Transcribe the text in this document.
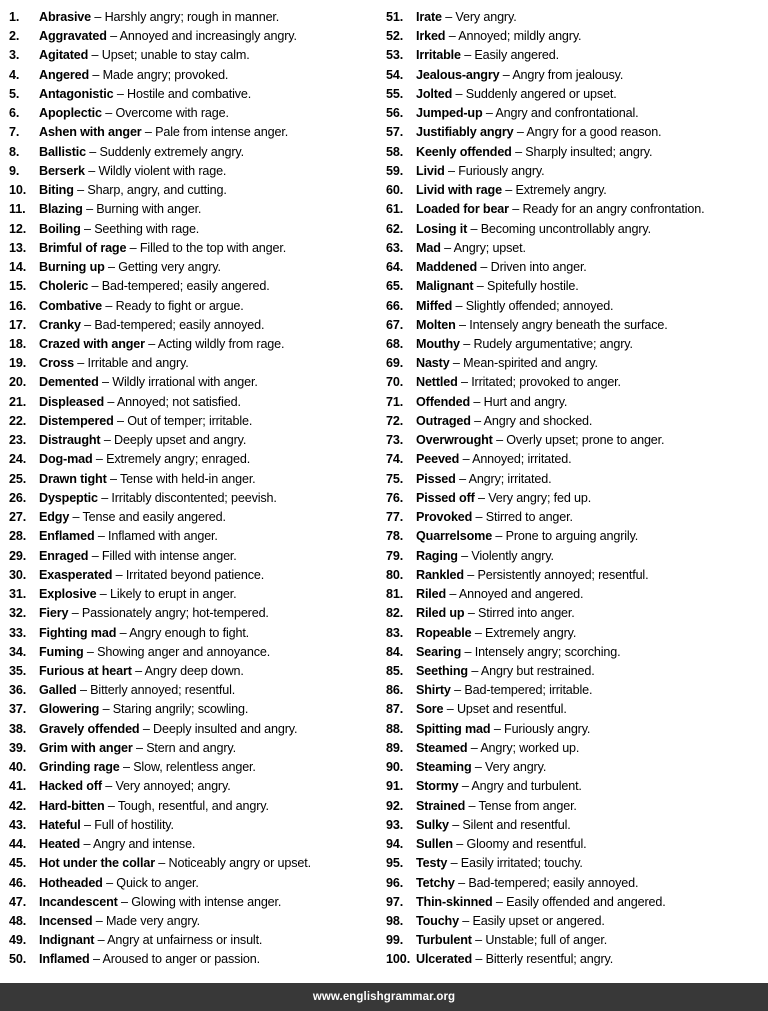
1.	Abrasive – Harshly angry; rough in manner.
2.	Aggravated – Annoyed and increasingly angry.
3.	Agitated – Upset; unable to stay calm.
4.	Angered – Made angry; provoked.
5.	Antagonistic – Hostile and combative.
6.	Apoplectic – Overcome with rage.
7.	Ashen with anger – Pale from intense anger.
8.	Ballistic – Suddenly extremely angry.
9.	Berserk – Wildly violent with rage.
10.	Biting – Sharp, angry, and cutting.
11.	Blazing – Burning with anger.
12.	Boiling – Seething with rage.
13.	Brimful of rage – Filled to the top with anger.
14.	Burning up – Getting very angry.
15.	Choleric – Bad-tempered; easily angered.
16.	Combative – Ready to fight or argue.
17.	Cranky – Bad-tempered; easily annoyed.
18.	Crazed with anger – Acting wildly from rage.
19.	Cross – Irritable and angry.
20.	Demented – Wildly irrational with anger.
21.	Displeased – Annoyed; not satisfied.
22.	Distempered – Out of temper; irritable.
23.	Distraught – Deeply upset and angry.
24.	Dog-mad – Extremely angry; enraged.
25.	Drawn tight – Tense with held-in anger.
26.	Dyspeptic – Irritably discontented; peevish.
27.	Edgy – Tense and easily angered.
28.	Enflamed – Inflamed with anger.
29.	Enraged – Filled with intense anger.
30.	Exasperated – Irritated beyond patience.
31.	Explosive – Likely to erupt in anger.
32.	Fiery – Passionately angry; hot-tempered.
33.	Fighting mad – Angry enough to fight.
34.	Fuming – Showing anger and annoyance.
35.	Furious at heart – Angry deep down.
36.	Galled – Bitterly annoyed; resentful.
37.	Glowering – Staring angrily; scowling.
38.	Gravely offended – Deeply insulted and angry.
39.	Grim with anger – Stern and angry.
40.	Grinding rage – Slow, relentless anger.
41.	Hacked off – Very annoyed; angry.
42.	Hard-bitten – Tough, resentful, and angry.
43.	Hateful – Full of hostility.
44.	Heated – Angry and intense.
45.	Hot under the collar – Noticeably angry or upset.
46.	Hotheaded – Quick to anger.
47.	Incandescent – Glowing with intense anger.
48.	Incensed – Made very angry.
49.	Indignant – Angry at unfairness or insult.
50.	Inflamed – Aroused to anger or passion.
51.	Irate – Very angry.
52.	Irked – Annoyed; mildly angry.
53.	Irritable – Easily angered.
54.	Jealous-angry – Angry from jealousy.
55.	Jolted – Suddenly angered or upset.
56.	Jumped-up – Angry and confrontational.
57.	Justifiably angry – Angry for a good reason.
58.	Keenly offended – Sharply insulted; angry.
59.	Livid – Furiously angry.
60.	Livid with rage – Extremely angry.
61.	Loaded for bear – Ready for an angry confrontation.
62.	Losing it – Becoming uncontrollably angry.
63.	Mad – Angry; upset.
64.	Maddened – Driven into anger.
65.	Malignant – Spitefully hostile.
66.	Miffed – Slightly offended; annoyed.
67.	Molten – Intensely angry beneath the surface.
68.	Mouthy – Rudely argumentative; angry.
69.	Nasty – Mean-spirited and angry.
70.	Nettled – Irritated; provoked to anger.
71.	Offended – Hurt and angry.
72.	Outraged – Angry and shocked.
73.	Overwrought – Overly upset; prone to anger.
74.	Peeved – Annoyed; irritated.
75.	Pissed – Angry; irritated.
76.	Pissed off – Very angry; fed up.
77.	Provoked – Stirred to anger.
78.	Quarrelsome – Prone to arguing angrily.
79.	Raging – Violently angry.
80.	Rankled – Persistently annoyed; resentful.
81.	Riled – Annoyed and angered.
82.	Riled up – Stirred into anger.
83.	Ropeable – Extremely angry.
84.	Searing – Intensely angry; scorching.
85.	Seething – Angry but restrained.
86.	Shirty – Bad-tempered; irritable.
87.	Sore – Upset and resentful.
88.	Spitting mad – Furiously angry.
89.	Steamed – Angry; worked up.
90.	Steaming – Very angry.
91.	Stormy – Angry and turbulent.
92.	Strained – Tense from anger.
93.	Sulky – Silent and resentful.
94.	Sullen – Gloomy and resentful.
95.	Testy – Easily irritated; touchy.
96.	Tetchy – Bad-tempered; easily annoyed.
97.	Thin-skinned – Easily offended and angered.
98.	Touchy – Easily upset or angered.
99.	Turbulent – Unstable; full of anger.
100. Ulcerated – Bitterly resentful; angry.
www.englishgrammar.org
